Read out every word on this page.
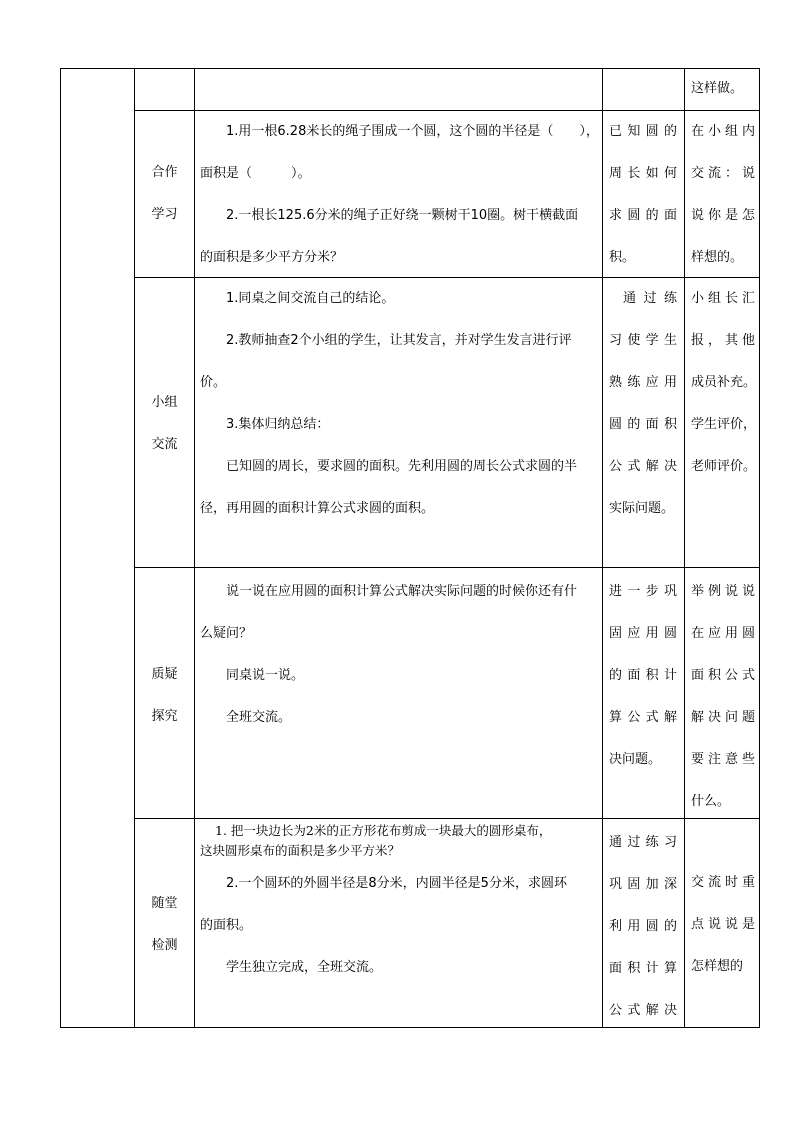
这样做。
合作
学习

1.用一根6.28米长的绳子围成一个圆，这个圆的半径是（　　），

面积是（　　　）。

2.一根长125.6分米的绳子正好绕一颗树干10圈。树干横截面

的面积是多少平方分米？

已知圆的
周长如何
求圆的面
积。
在小组内
交流：说
说你是怎
样想的。
小组
交流

1.同桌之间交流自己的结论。

2.教师抽查2个小组的学生，让其发言，并对学生发言进行评

价。

3.集体归纳总结：

已知圆的周长，要求圆的面积。先利用圆的周长公式求圆的半

径，再用圆的面积计算公式求圆的面积。

通过练
习使学生
熟练应用
圆的面积
公式解决
实际问题。
小组长汇
报，其他
成员补充。
学生评价，
老师评价。
质疑
探究

说一说在应用圆的面积计算公式解决实际问题的时候你还有什

么疑问？

同桌说一说。

全班交流。

进一步巩
固应用圆
的面积计
算公式解
决问题。
举例说说
在应用圆
面积公式
解决问题
要注意些
什么。
随堂
检测

1. 把一块边长为2米的正方形花布剪成一块最大的圆形桌布，

这块圆形桌布的面积是多少平方米？

2.一个圆环的外圆半径是8分米，内圆半径是5分米，求圆环

的面积。

学生独立完成，全班交流。

通过练习
巩固加深
利用圆的
面积计算
公式解决
交流时重
点说说是
怎样想的
